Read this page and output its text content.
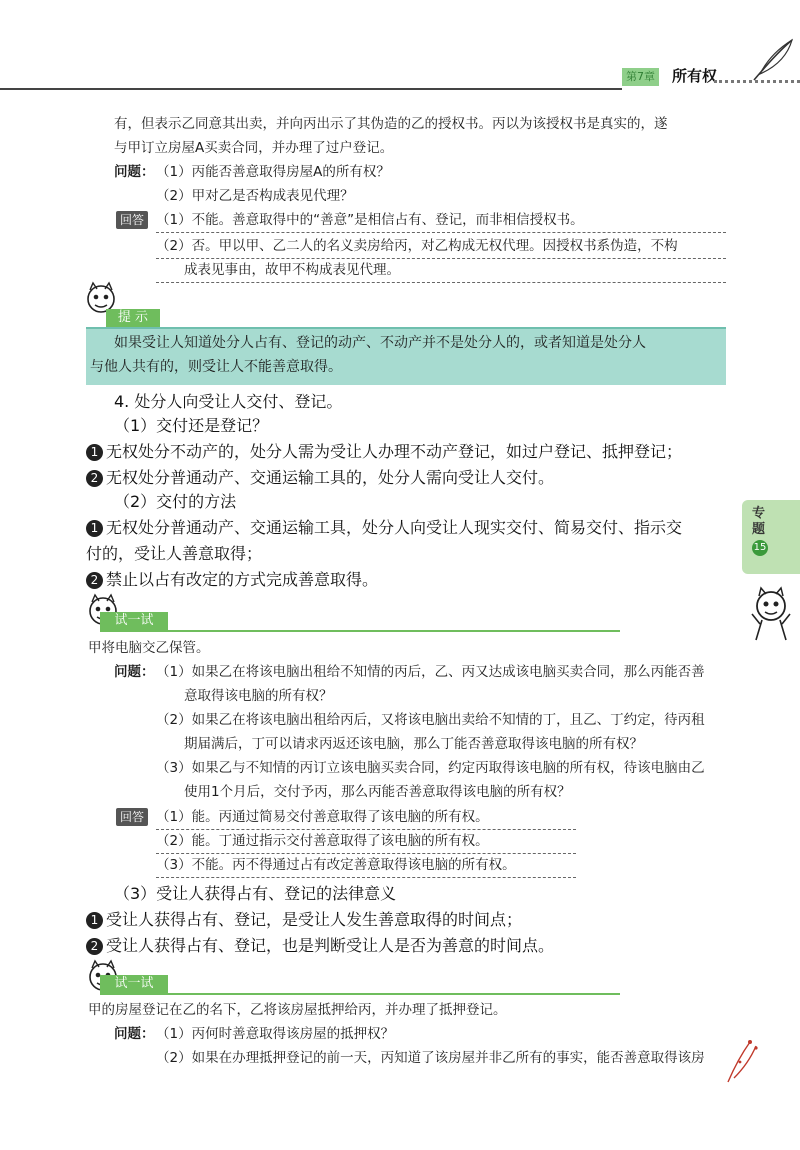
第7章 所有权
有，但表示乙同意其出卖，并向丙出示了其伪造的乙的授权书。丙以为该授权书是真实的，遂
与甲订立房屋A买卖合同，并办理了过户登记。
问题： （1）丙能否善意取得房屋A的所有权？
（2）甲对乙是否构成表见代理？
回答 （1）不能。善意取得中的“善意”是相信占有、登记，而非相信授权书。
（2）否。甲以甲、乙二人的名义卖房给丙，对乙构成无权代理。因授权书系伪造，不构
成表见事由，故甲不构成表见代理。
提 示
如果受让人知道处分人占有、登记的动产、不动产并不是处分人的，或者知道是处分人
与他人共有的，则受让人不能善意取得。
4. 处分人向受让人交付、登记。
（1）交付还是登记？
1 无权处分不动产的，处分人需为受让人办理不动产登记，如过户登记、抵押登记；
2 无权处分普通动产、交通运输工具的，处分人需向受让人交付。
（2）交付的方法
1 无权处分普通动产、交通运输工具，处分人向受让人现实交付、简易交付、指示交
付的，受让人善意取得；
2 禁止以占有改定的方式完成善意取得。
专题
15
试一试
甲将电脑交乙保管。
问题： （1）如果乙在将该电脑出租给不知情的丙后，乙、丙又达成该电脑买卖合同，那么丙能否善
意取得该电脑的所有权？
（2）如果乙在将该电脑出租给丙后，又将该电脑出卖给不知情的丁，且乙、丁约定，待丙租
期届满后，丁可以请求丙返还该电脑，那么丁能否善意取得该电脑的所有权？
（3）如果乙与不知情的丙订立该电脑买卖合同，约定丙取得该电脑的所有权，待该电脑由乙
使用1个月后，交付予丙，那么丙能否善意取得该电脑的所有权？
回答 （1）能。丙通过简易交付善意取得了该电脑的所有权。
（2）能。丁通过指示交付善意取得了该电脑的所有权。
（3）不能。丙不得通过占有改定善意取得该电脑的所有权。
（3）受让人获得占有、登记的法律意义
1 受让人获得占有、登记，是受让人发生善意取得的时间点；
2 受让人获得占有、登记，也是判断受让人是否为善意的时间点。
试一试
甲的房屋登记在乙的名下，乙将该房屋抵押给丙，并办理了抵押登记。
问题： （1）丙何时善意取得该房屋的抵押权？
（2）如果在办理抵押登记的前一天，丙知道了该房屋并非乙所有的事实，能否善意取得该房
